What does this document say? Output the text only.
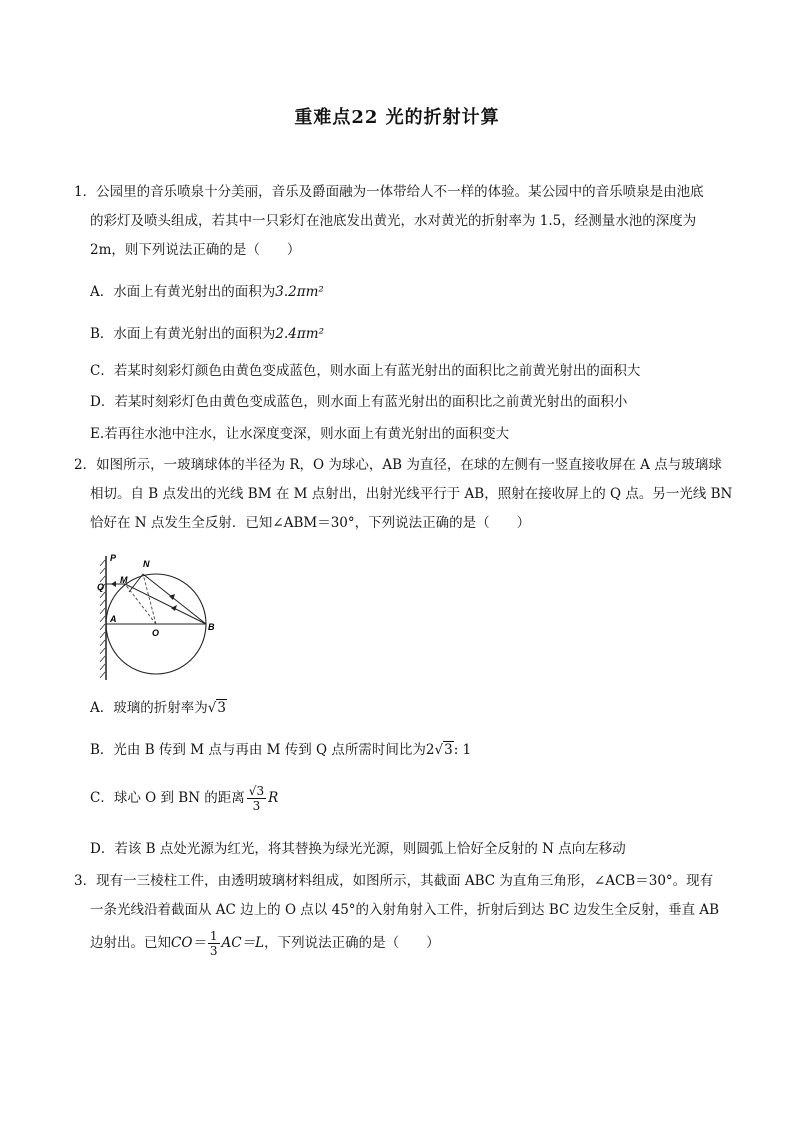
重难点22 光的折射计算
1．公园里的音乐喷泉十分美丽，音乐及爵面融为一体带给人不一样的体验。某公园中的音乐喷泉是由池底
的彩灯及喷头组成，若其中一只彩灯在池底发出黄光，水对黄光的折射率为 1.5，经测量水池的深度为
2m，则下列说法正确的是（　　）
A．水面上有黄光射出的面积为3.2πm²
B．水面上有黄光射出的面积为2.4πm²
C．若某时刻彩灯颜色由黄色变成蓝色，则水面上有蓝光射出的面积比之前黄光射出的面积大
D．若某时刻彩灯色由黄色变成蓝色，则水面上有蓝光射出的面积比之前黄光射出的面积小
E.若再往水池中注水，让水深度变深，则水面上有黄光射出的面积变大
2．如图所示，一玻璃球体的半径为 R，O 为球心，AB 为直径，在球的左侧有一竖直接收屏在 A 点与玻璃球
相切。自 B 点发出的光线 BM 在 M 点射出，出射光线平行于 AB，照射在接收屏上的 Q 点。另一光线 BN
恰好在 N 点发生全反射．已知∠ABM＝30°，下列说法正确的是（　　）
P
Q
M
N
A
O
B
A．玻璃的折射率为√3
B．光由 B 传到 M 点与再由 M 传到 Q 点所需时间比为2√3: 1
C．球心 O 到 BN 的距离 $\frac{√3}{3}$ R
D．若该 B 点处光源为红光，将其替换为绿光光源，则圆弧上恰好全反射的 N 点向左移动
3．现有一三棱柱工件，由透明玻璃材料组成，如图所示，其截面 ABC 为直角三角形，∠ACB＝30°。现有
一条光线沿着截面从 AC 边上的 O 点以 45°的入射角射入工件，折射后到达 BC 边发生全反射，垂直 AB
边射出。已知$CO= \frac{1}{3} AC=L$，下列说法正确的是（　　）
